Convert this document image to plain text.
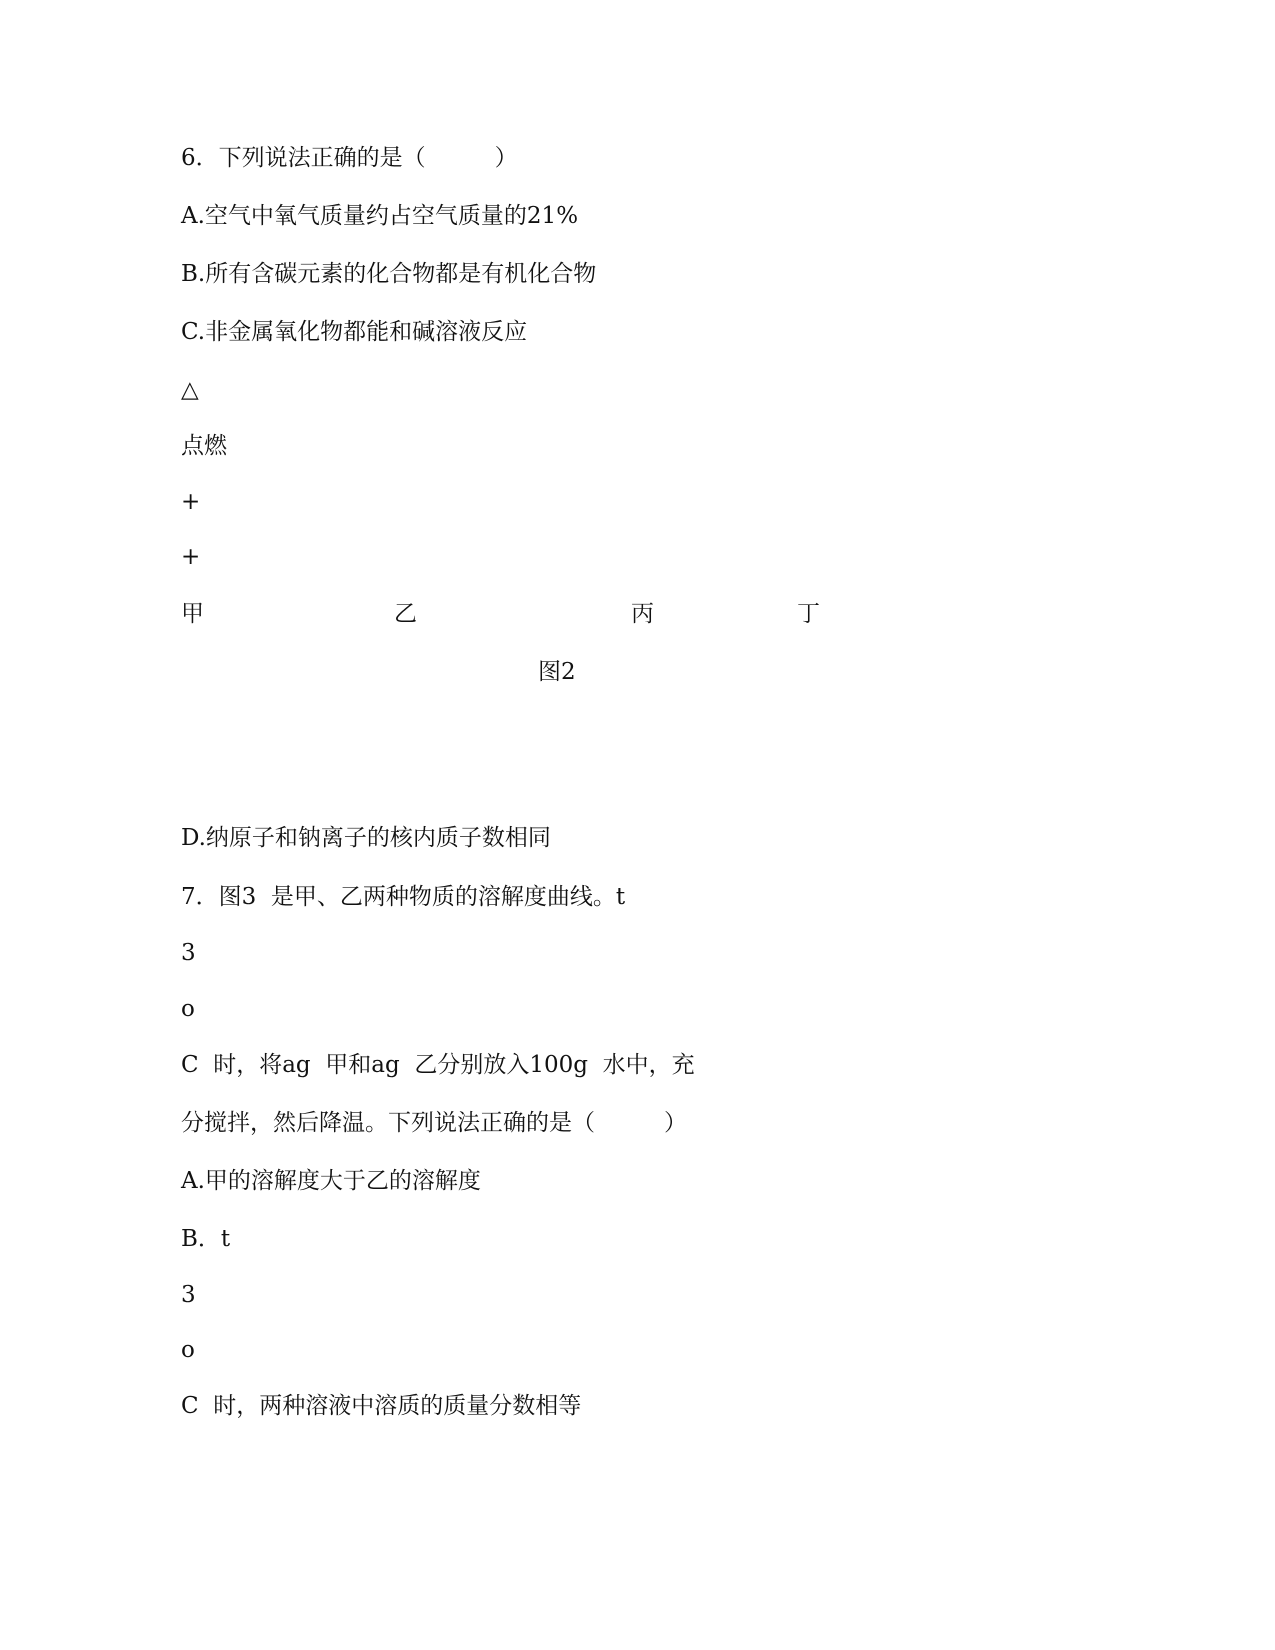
6．下列说法正确的是（　　　）
A.空气中氧气质量约占空气质量的21%
B.所有含碳元素的化合物都是有机化合物
C.非金属氧化物都能和碱溶液反应
△
点燃
+
+
甲	乙	丙	丁
图2
D.纳原子和钠离子的核内质子数相同
7．图3  是甲、乙两种物质的溶解度曲线。t
3
o
C  时，将ag  甲和ag  乙分别放入100g  水中，充
分搅拌，然后降温。下列说法正确的是（　　　）
A.甲的溶解度大于乙的溶解度
B．t
3
o
C  时，两种溶液中溶质的质量分数相等
